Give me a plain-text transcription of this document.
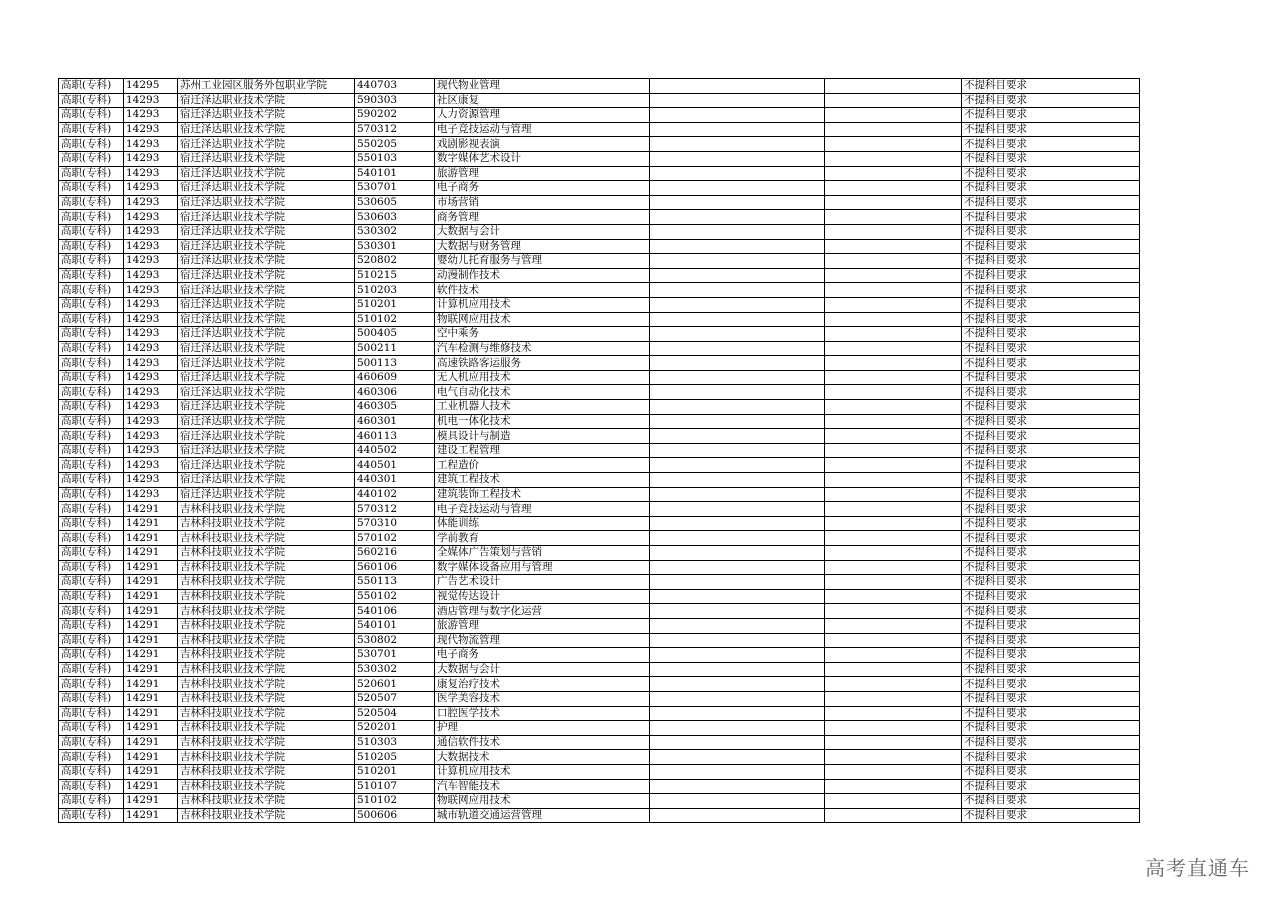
高职(专科)	14295	苏州工业园区服务外包职业学院	440703	现代物业管理			不提科目要求
高职(专科)	14293	宿迁泽达职业技术学院	590303	社区康复			不提科目要求
高职(专科)	14293	宿迁泽达职业技术学院	590202	人力资源管理			不提科目要求
高职(专科)	14293	宿迁泽达职业技术学院	570312	电子竞技运动与管理			不提科目要求
高职(专科)	14293	宿迁泽达职业技术学院	550205	戏剧影视表演			不提科目要求
高职(专科)	14293	宿迁泽达职业技术学院	550103	数字媒体艺术设计			不提科目要求
高职(专科)	14293	宿迁泽达职业技术学院	540101	旅游管理			不提科目要求
高职(专科)	14293	宿迁泽达职业技术学院	530701	电子商务			不提科目要求
高职(专科)	14293	宿迁泽达职业技术学院	530605	市场营销			不提科目要求
高职(专科)	14293	宿迁泽达职业技术学院	530603	商务管理			不提科目要求
高职(专科)	14293	宿迁泽达职业技术学院	530302	大数据与会计			不提科目要求
高职(专科)	14293	宿迁泽达职业技术学院	530301	大数据与财务管理			不提科目要求
高职(专科)	14293	宿迁泽达职业技术学院	520802	婴幼儿托育服务与管理			不提科目要求
高职(专科)	14293	宿迁泽达职业技术学院	510215	动漫制作技术			不提科目要求
高职(专科)	14293	宿迁泽达职业技术学院	510203	软件技术			不提科目要求
高职(专科)	14293	宿迁泽达职业技术学院	510201	计算机应用技术			不提科目要求
高职(专科)	14293	宿迁泽达职业技术学院	510102	物联网应用技术			不提科目要求
高职(专科)	14293	宿迁泽达职业技术学院	500405	空中乘务			不提科目要求
高职(专科)	14293	宿迁泽达职业技术学院	500211	汽车检测与维修技术			不提科目要求
高职(专科)	14293	宿迁泽达职业技术学院	500113	高速铁路客运服务			不提科目要求
高职(专科)	14293	宿迁泽达职业技术学院	460609	无人机应用技术			不提科目要求
高职(专科)	14293	宿迁泽达职业技术学院	460306	电气自动化技术			不提科目要求
高职(专科)	14293	宿迁泽达职业技术学院	460305	工业机器人技术			不提科目要求
高职(专科)	14293	宿迁泽达职业技术学院	460301	机电一体化技术			不提科目要求
高职(专科)	14293	宿迁泽达职业技术学院	460113	模具设计与制造			不提科目要求
高职(专科)	14293	宿迁泽达职业技术学院	440502	建设工程管理			不提科目要求
高职(专科)	14293	宿迁泽达职业技术学院	440501	工程造价			不提科目要求
高职(专科)	14293	宿迁泽达职业技术学院	440301	建筑工程技术			不提科目要求
高职(专科)	14293	宿迁泽达职业技术学院	440102	建筑装饰工程技术			不提科目要求
高职(专科)	14291	吉林科技职业技术学院	570312	电子竞技运动与管理			不提科目要求
高职(专科)	14291	吉林科技职业技术学院	570310	体能训练			不提科目要求
高职(专科)	14291	吉林科技职业技术学院	570102	学前教育			不提科目要求
高职(专科)	14291	吉林科技职业技术学院	560216	全媒体广告策划与营销			不提科目要求
高职(专科)	14291	吉林科技职业技术学院	560106	数字媒体设备应用与管理			不提科目要求
高职(专科)	14291	吉林科技职业技术学院	550113	广告艺术设计			不提科目要求
高职(专科)	14291	吉林科技职业技术学院	550102	视觉传达设计			不提科目要求
高职(专科)	14291	吉林科技职业技术学院	540106	酒店管理与数字化运营			不提科目要求
高职(专科)	14291	吉林科技职业技术学院	540101	旅游管理			不提科目要求
高职(专科)	14291	吉林科技职业技术学院	530802	现代物流管理			不提科目要求
高职(专科)	14291	吉林科技职业技术学院	530701	电子商务			不提科目要求
高职(专科)	14291	吉林科技职业技术学院	530302	大数据与会计			不提科目要求
高职(专科)	14291	吉林科技职业技术学院	520601	康复治疗技术			不提科目要求
高职(专科)	14291	吉林科技职业技术学院	520507	医学美容技术			不提科目要求
高职(专科)	14291	吉林科技职业技术学院	520504	口腔医学技术			不提科目要求
高职(专科)	14291	吉林科技职业技术学院	520201	护理			不提科目要求
高职(专科)	14291	吉林科技职业技术学院	510303	通信软件技术			不提科目要求
高职(专科)	14291	吉林科技职业技术学院	510205	大数据技术			不提科目要求
高职(专科)	14291	吉林科技职业技术学院	510201	计算机应用技术			不提科目要求
高职(专科)	14291	吉林科技职业技术学院	510107	汽车智能技术			不提科目要求
高职(专科)	14291	吉林科技职业技术学院	510102	物联网应用技术			不提科目要求
高职(专科)	14291	吉林科技职业技术学院	500606	城市轨道交通运营管理			不提科目要求
高考直通车
